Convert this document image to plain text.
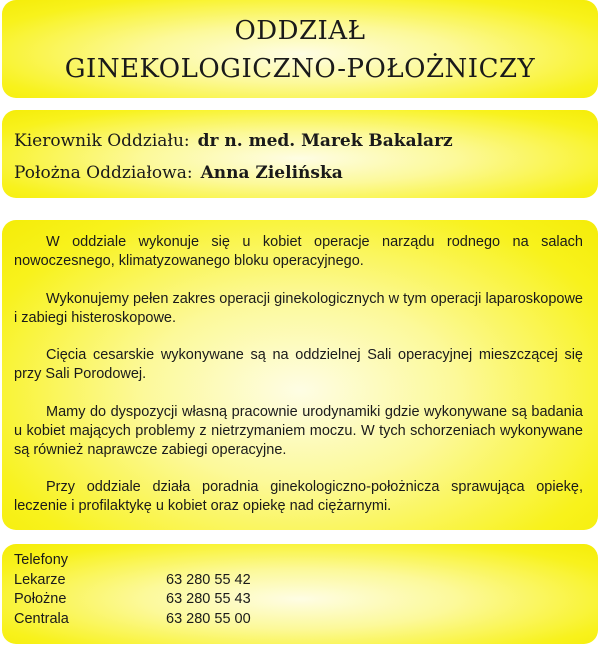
ODDZIAŁ
GINEKOLOGICZNO-POŁOŻNICZY
Kierownik Oddziału: dr n. med. Marek Bakalarz
Położna Oddziałowa: Anna Zielińska

W oddziale wykonuje się u kobiet operacje narządu rodnego na salach nowoczesnego, klimatyzowanego bloku operacyjnego.

Wykonujemy pełen zakres operacji ginekologicznych w tym operacji laparoskopowe i zabiegi histeroskopowe.

Cięcia cesarskie wykonywane są na oddzielnej Sali operacyjnej mieszczącej się przy Sali Porodowej.

Mamy do dyspozycji własną pracownie urodynamiki gdzie wykonywane są badania u kobiet mających problemy z nietrzymaniem moczu. W tych schorzeniach wykonywane są również naprawcze zabiegi operacyjne.

Przy oddziale działa poradnia ginekologiczno-położnicza sprawująca opiekę, leczenie i profilaktykę u kobiet oraz opiekę nad ciężarnymi.

Telefony
Lekarze	63 280 55 42
Położne	63 280 55 43
Centrala	63 280 55 00
